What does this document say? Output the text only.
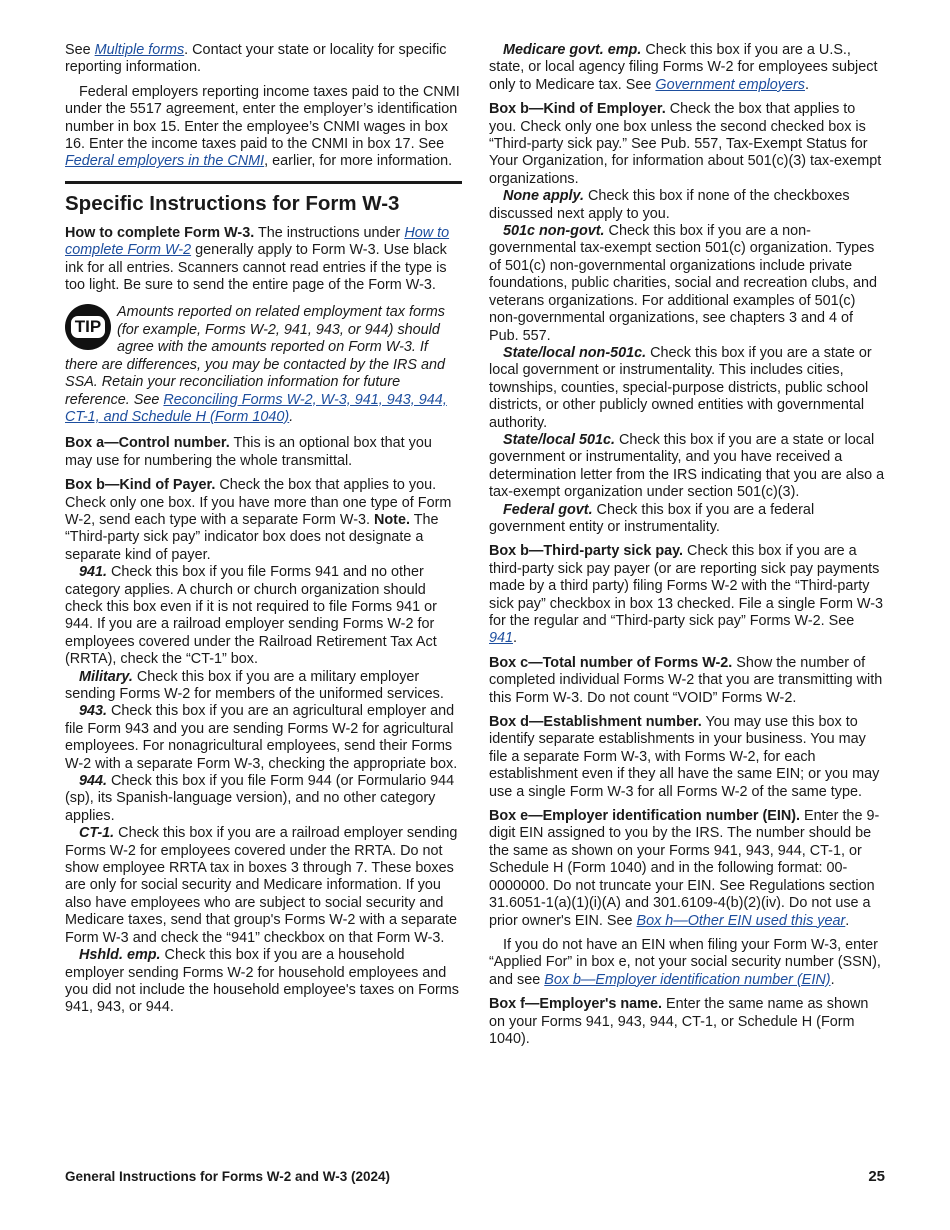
See Multiple forms. Contact your state or locality for specific reporting information.

Federal employers reporting income taxes paid to the CNMI under the 5517 agreement, enter the employer’s identification number in box 15. Enter the employee’s CNMI wages in box 16. Enter the income taxes paid to the CNMI in box 17. See Federal employers in the CNMI, earlier, for more information.

Specific Instructions for Form W-3

How to complete Form W-3. The instructions under How to complete Form W-2 generally apply to Form W-3. Use black ink for all entries. Scanners cannot read entries if the type is too light. Be sure to send the entire page of the Form W-3.

TIP
Amounts reported on related employment tax forms (for example, Forms W-2, 941, 943, or 944) should agree with the amounts reported on Form W-3. If there are differences, you may be contacted by the IRS and SSA. Retain your reconciliation information for future reference. See Reconciling Forms W-2, W-3, 941, 943, 944, CT-1, and Schedule H (Form 1040).

Box a—Control number. This is an optional box that you may use for numbering the whole transmittal.

Box b—Kind of Payer. Check the box that applies to you. Check only one box. If you have more than one type of Form W-2, send each type with a separate Form W-3. Note. The “Third-party sick pay” indicator box does not designate a separate kind of payer.

941. Check this box if you file Forms 941 and no other category applies. A church or church organization should check this box even if it is not required to file Forms 941 or 944. If you are a railroad employer sending Forms W-2 for employees covered under the Railroad Retirement Tax Act (RRTA), check the “CT-1” box.

Military. Check this box if you are a military employer sending Forms W-2 for members of the uniformed services.

943. Check this box if you are an agricultural employer and file Form 943 and you are sending Forms W-2 for agricultural employees. For nonagricultural employees, send their Forms W-2 with a separate Form W-3, checking the appropriate box.

944. Check this box if you file Form 944 (or Formulario 944 (sp), its Spanish-language version), and no other category applies.

CT-1. Check this box if you are a railroad employer sending Forms W-2 for employees covered under the RRTA. Do not show employee RRTA tax in boxes 3 through 7. These boxes are only for social security and Medicare information. If you also have employees who are subject to social security and Medicare taxes, send that group's Forms W-2 with a separate Form W-3 and check the “941” checkbox on that Form W-3.

Hshld. emp. Check this box if you are a household employer sending Forms W-2 for household employees and you did not include the household employee's taxes on Forms 941, 943, or 944.

Medicare govt. emp. Check this box if you are a U.S., state, or local agency filing Forms W-2 for employees subject only to Medicare tax. See Government employers.

Box b—Kind of Employer. Check the box that applies to you. Check only one box unless the second checked box is “Third-party sick pay.” See Pub. 557, Tax-Exempt Status for Your Organization, for information about 501(c)(3) tax-exempt organizations.

None apply. Check this box if none of the checkboxes discussed next apply to you.

501c non-govt. Check this box if you are a non-governmental tax-exempt section 501(c) organization. Types of 501(c) non-governmental organizations include private foundations, public charities, social and recreation clubs, and veterans organizations. For additional examples of 501(c) non-governmental organizations, see chapters 3 and 4 of Pub. 557.

State/local non-501c. Check this box if you are a state or local government or instrumentality. This includes cities, townships, counties, special-purpose districts, public school districts, or other publicly owned entities with governmental authority.

State/local 501c. Check this box if you are a state or local government or instrumentality, and you have received a determination letter from the IRS indicating that you are also a tax-exempt organization under section 501(c)(3).

Federal govt. Check this box if you are a federal government entity or instrumentality.

Box b—Third-party sick pay. Check this box if you are a third-party sick pay payer (or are reporting sick pay payments made by a third party) filing Forms W-2 with the “Third-party sick pay” checkbox in box 13 checked. File a single Form W-3 for the regular and “Third-party sick pay” Forms W-2. See 941.

Box c—Total number of Forms W-2. Show the number of completed individual Forms W-2 that you are transmitting with this Form W-3. Do not count “VOID” Forms W-2.

Box d—Establishment number. You may use this box to identify separate establishments in your business. You may file a separate Form W-3, with Forms W-2, for each establishment even if they all have the same EIN; or you may use a single Form W-3 for all Forms W-2 of the same type.

Box e—Employer identification number (EIN). Enter the 9-digit EIN assigned to you by the IRS. The number should be the same as shown on your Forms 941, 943, 944, CT-1, or Schedule H (Form 1040) and in the following format: 00-0000000. Do not truncate your EIN. See Regulations section 31.6051-1(a)(1)(i)(A) and 301.6109-4(b)(2)(iv). Do not use a prior owner's EIN. See Box h—Other EIN used this year.

If you do not have an EIN when filing your Form W-3, enter “Applied For” in box e, not your social security number (SSN), and see Box b—Employer identification number (EIN).

Box f—Employer's name. Enter the same name as shown on your Forms 941, 943, 944, CT-1, or Schedule H (Form 1040).

General Instructions for Forms W-2 and W-3 (2024)	25
